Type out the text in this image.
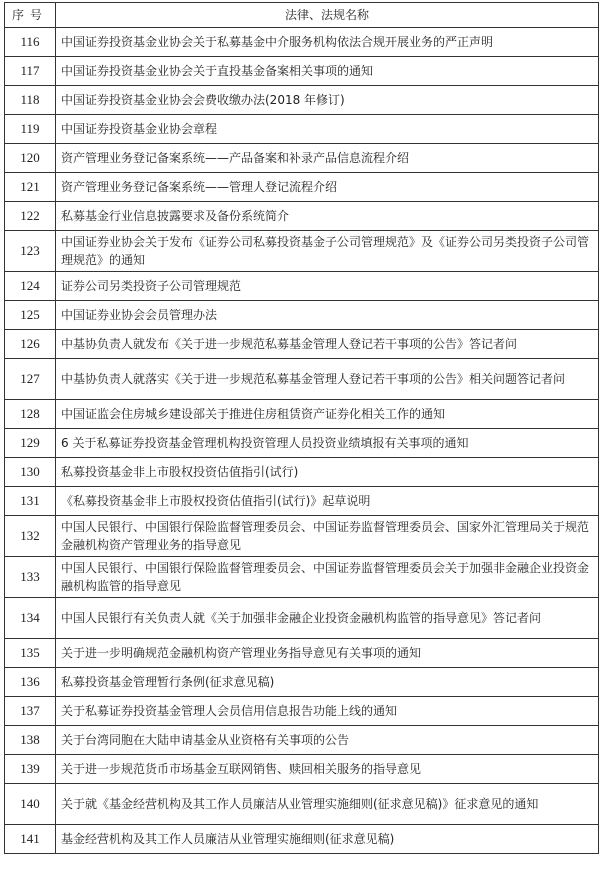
序号	法律、法规名称
116	中国证券投资基金业协会关于私募基金中介服务机构依法合规开展业务的严正声明
117	中国证券投资基金业协会关于直投基金备案相关事项的通知
118	中国证券投资基金业协会会费收缴办法(2018 年修订)
119	中国证券投资基金业协会章程
120	资产管理业务登记备案系统——产品备案和补录产品信息流程介绍
121	资产管理业务登记备案系统——管理人登记流程介绍
122	私募基金行业信息披露要求及备份系统简介
123	中国证券业协会关于发布《证券公司私募投资基金子公司管理规范》及《证券公司另类投资子公司管理规范》的通知
124	证券公司另类投资子公司管理规范
125	中国证券业协会会员管理办法
126	中基协负责人就发布《关于进一步规范私募基金管理人登记若干事项的公告》答记者问
127	中基协负责人就落实《关于进一步规范私募基金管理人登记若干事项的公告》相关问题答记者问
128	中国证监会住房城乡建设部关于推进住房租赁资产证券化相关工作的通知
129	6 关于私募证券投资基金管理机构投资管理人员投资业绩填报有关事项的通知
130	私募投资基金非上市股权投资估值指引(试行)
131	《私募投资基金非上市股权投资估值指引(试行)》起草说明
132	中国人民银行、中国银行保险监督管理委员会、中国证券监督管理委员会、国家外汇管理局关于规范金融机构资产管理业务的指导意见
133	中国人民银行、中国银行保险监督管理委员会、中国证券监督管理委员会关于加强非金融企业投资金融机构监管的指导意见
134	中国人民银行有关负责人就《关于加强非金融企业投资金融机构监管的指导意见》答记者问
135	关于进一步明确规范金融机构资产管理业务指导意见有关事项的通知
136	私募投资基金管理暂行条例(征求意见稿)
137	关于私募证券投资基金管理人会员信用信息报告功能上线的通知
138	关于台湾同胞在大陆申请基金从业资格有关事项的公告
139	关于进一步规范货币市场基金互联网销售、赎回相关服务的指导意见
140	关于就《基金经营机构及其工作人员廉洁从业管理实施细则(征求意见稿)》征求意见的通知
141	基金经营机构及其工作人员廉洁从业管理实施细则(征求意见稿)
